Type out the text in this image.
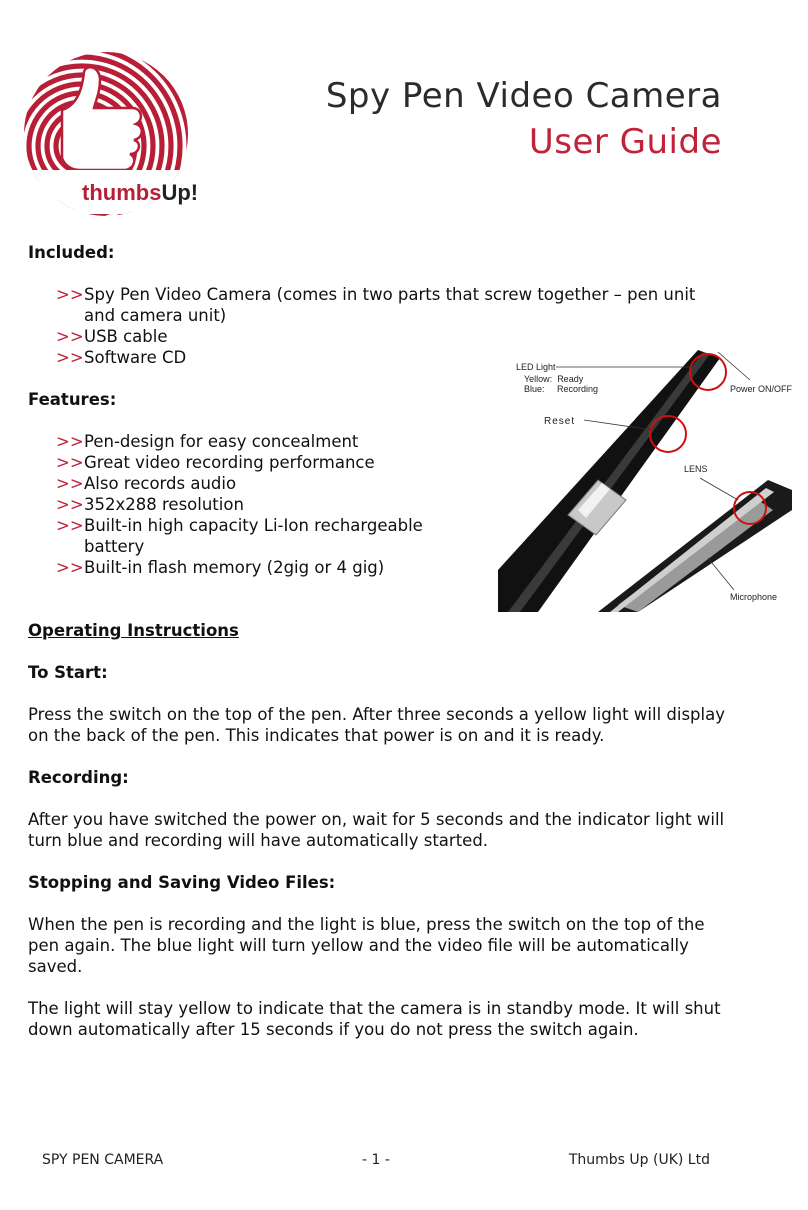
thumbsUp!
Spy Pen Video Camera
User Guide
LED Light
Yellow:  Ready
Blue:     Recording
Reset
Power ON/OFF
LENS
Microphone
Included:
>> Spy Pen Video Camera (comes in two parts that screw together – pen unit and camera unit)
>> USB cable
>> Software CD
Features:
>> Pen-design for easy concealment
>> Great video recording performance
>> Also records audio
>> 352x288 resolution
>> Built-in high capacity Li-Ion rechargeable battery
>> Built-in flash memory (2gig or 4 gig)
Operating Instructions
To Start:

Press the switch on the top of the pen. After three seconds a yellow light will display on the back of the pen. This indicates that power is on and it is ready.

Recording:

After you have switched the power on, wait for 5 seconds and the indicator light will turn blue and recording will have automatically started.

Stopping and Saving Video Files:

When the pen is recording and the light is blue, press the switch on the top of the pen again. The blue light will turn yellow and the video file will be automatically saved.

The light will stay yellow to indicate that the camera is in standby mode. It will shut down automatically after 15 seconds if you do not press the switch again.

SPY PEN CAMERA	- 1 -	Thumbs Up (UK) Ltd
